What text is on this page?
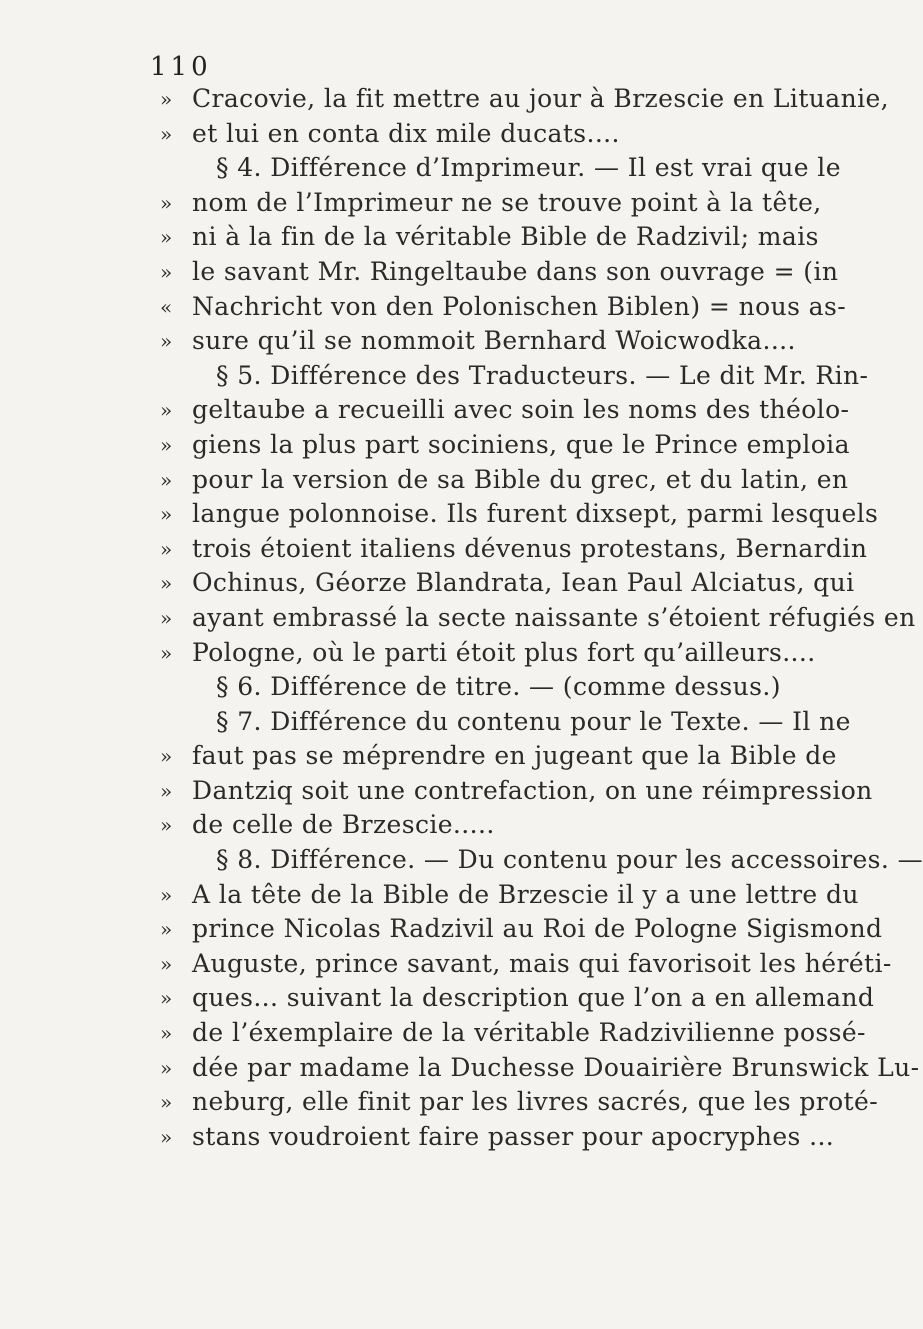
110
» Cracovie, la fit mettre au jour à Brzescie en Lituanie,
» et lui en conta dix mile ducats....
§ 4. Différence d’Imprimeur. — Il est vrai que le
» nom de l’Imprimeur ne se trouve point à la tête,
» ni à la fin de la véritable Bible de Radzivil; mais
» le savant Mr. Ringeltaube dans son ouvrage = (in
« Nachricht von den Polonischen Biblen) = nous as-
» sure qu’il se nommoit Bernhard Woicwodka....
§ 5. Différence des Traducteurs. — Le dit Mr. Rin-
» geltaube a recueilli avec soin les noms des théolo-
» giens la plus part sociniens, que le Prince emploia
» pour la version de sa Bible du grec, et du latin, en
» langue polonnoise. Ils furent dixsept, parmi lesquels
» trois étoient italiens dévenus protestans, Bernardin
» Ochinus, Géorze Blandrata, Iean Paul Alciatus, qui
» ayant embrassé la secte naissante s’étoient réfugiés en
» Pologne, où le parti étoit plus fort qu’ailleurs....
§ 6. Différence de titre. — (comme dessus.)
§ 7. Différence du contenu pour le Texte. — Il ne
» faut pas se méprendre en jugeant que la Bible de
» Dantziq soit une contrefaction, on une réimpression
» de celle de Brzescie.....
§ 8. Différence. — Du contenu pour les accessoires. —
» A la tête de la Bible de Brzescie il y a une lettre du
» prince Nicolas Radzivil au Roi de Pologne Sigismond
» Auguste, prince savant, mais qui favorisoit les héréti-
» ques... suivant la description que l’on a en allemand
» de l’éxemplaire de la véritable Radzivilienne possé-
» dée par madame la Duchesse Douairière Brunswick Lu-
» neburg, elle finit par les livres sacrés, que les proté-
» stans voudroient faire passer pour apocryphes ...
